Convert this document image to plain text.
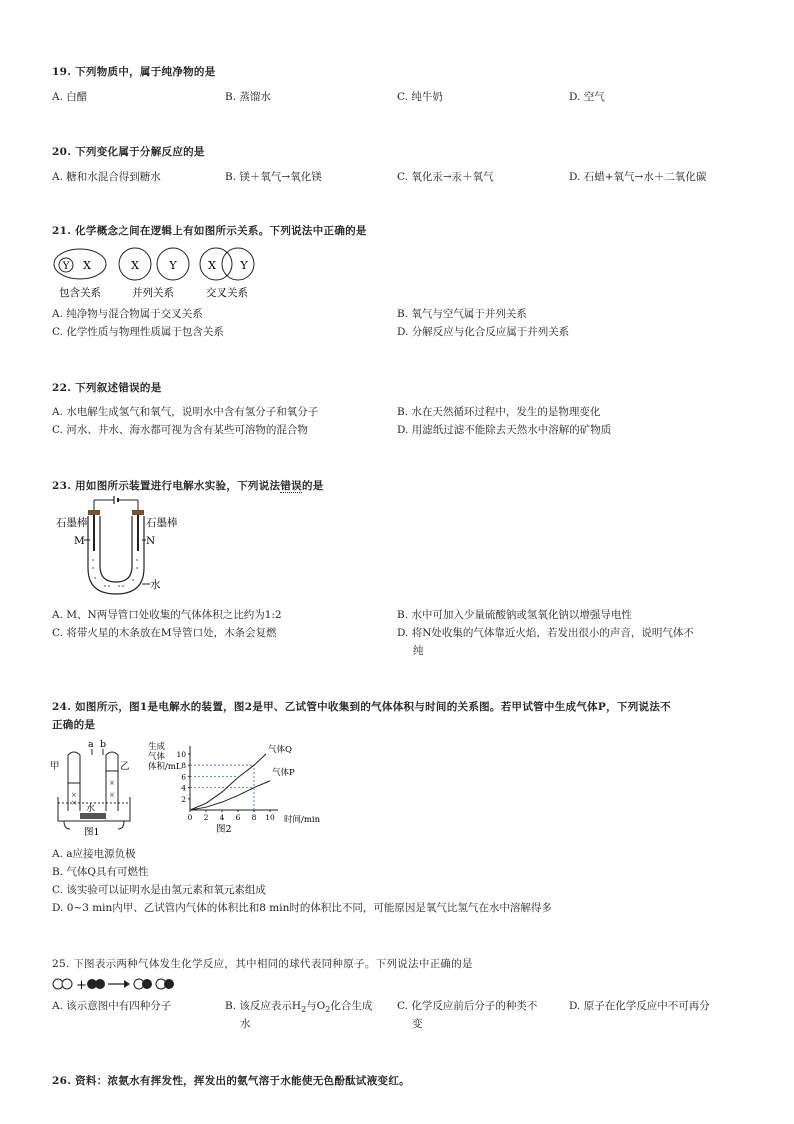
19. 下列物质中，属于纯净物的是
A. 白醋	B. 蒸馏水	C. 纯牛奶	D. 空气
20. 下列变化属于分解反应的是
A. 糖和水混合得到糖水	B. 镁＋氧气→氧化镁	C. 氧化汞→汞＋氧气	D. 石蜡+氧气→水＋二氧化碳
21. 化学概念之间在逻辑上有如图所示关系。下列说法中正确的是
Y X	X	Y	X Y
包含关系	并列关系	交叉关系
A. 纯净物与混合物属于交叉关系	B. 氧气与空气属于并列关系
C. 化学性质与物理性质属于包含关系	D. 分解反应与化合反应属于并列关系
22. 下列叙述错误的是
A. 水电解生成氢气和氧气，说明水中含有氢分子和氧分子	B. 水在天然循环过程中，发生的是物理变化
C. 河水、井水、海水都可视为含有某些可溶物的混合物	D. 用滤纸过滤不能除去天然水中溶解的矿物质
23. 用如图所示装置进行电解水实验，下列说法错误的是
石墨棒	石墨棒
M	N
水
A. M、N两导管口处收集的气体体积之比约为1:2	B. 水中可加入少量硫酸钠或氢氧化钠以增强导电性
C. 将带火星的木条放在M导管口处，木条会复燃	D. 将N处收集的气体靠近火焰，若发出很小的声音，说明气体不
纯
24. 如图所示，图1是电解水的装置，图2是甲、乙试管中收集到的气体体积与时间的关系图。若甲试管中生成气体P，下列说法不
正确的是
a b
甲	乙
×
×
×
×
水
图1
生成
气体
体积/mL
2
4
6
8
10
0 2 4 6 8 10
气体Q
气体P
时间/min
图2
A. a应接电源负极
B. 气体Q具有可燃性
C. 该实验可以证明水是由氢元素和氧元素组成
D. 0~3 min内甲、乙试管内气体的体积比和8 min时的体积比不同，可能原因是氧气比氢气在水中溶解得多
25. 下图表示两种气体发生化学反应，其中相同的球代表同种原子。下列说法中正确的是
+
A. 该示意图中有四种分子	B. 该反应表示$H_2$与$O_2$化合生成
水
C. 化学反应前后分子的种类不
变
D. 原子在化学反应中不可再分
26. 资料：浓氨水有挥发性，挥发出的氨气溶于水能使无色酚酞试液变红。
